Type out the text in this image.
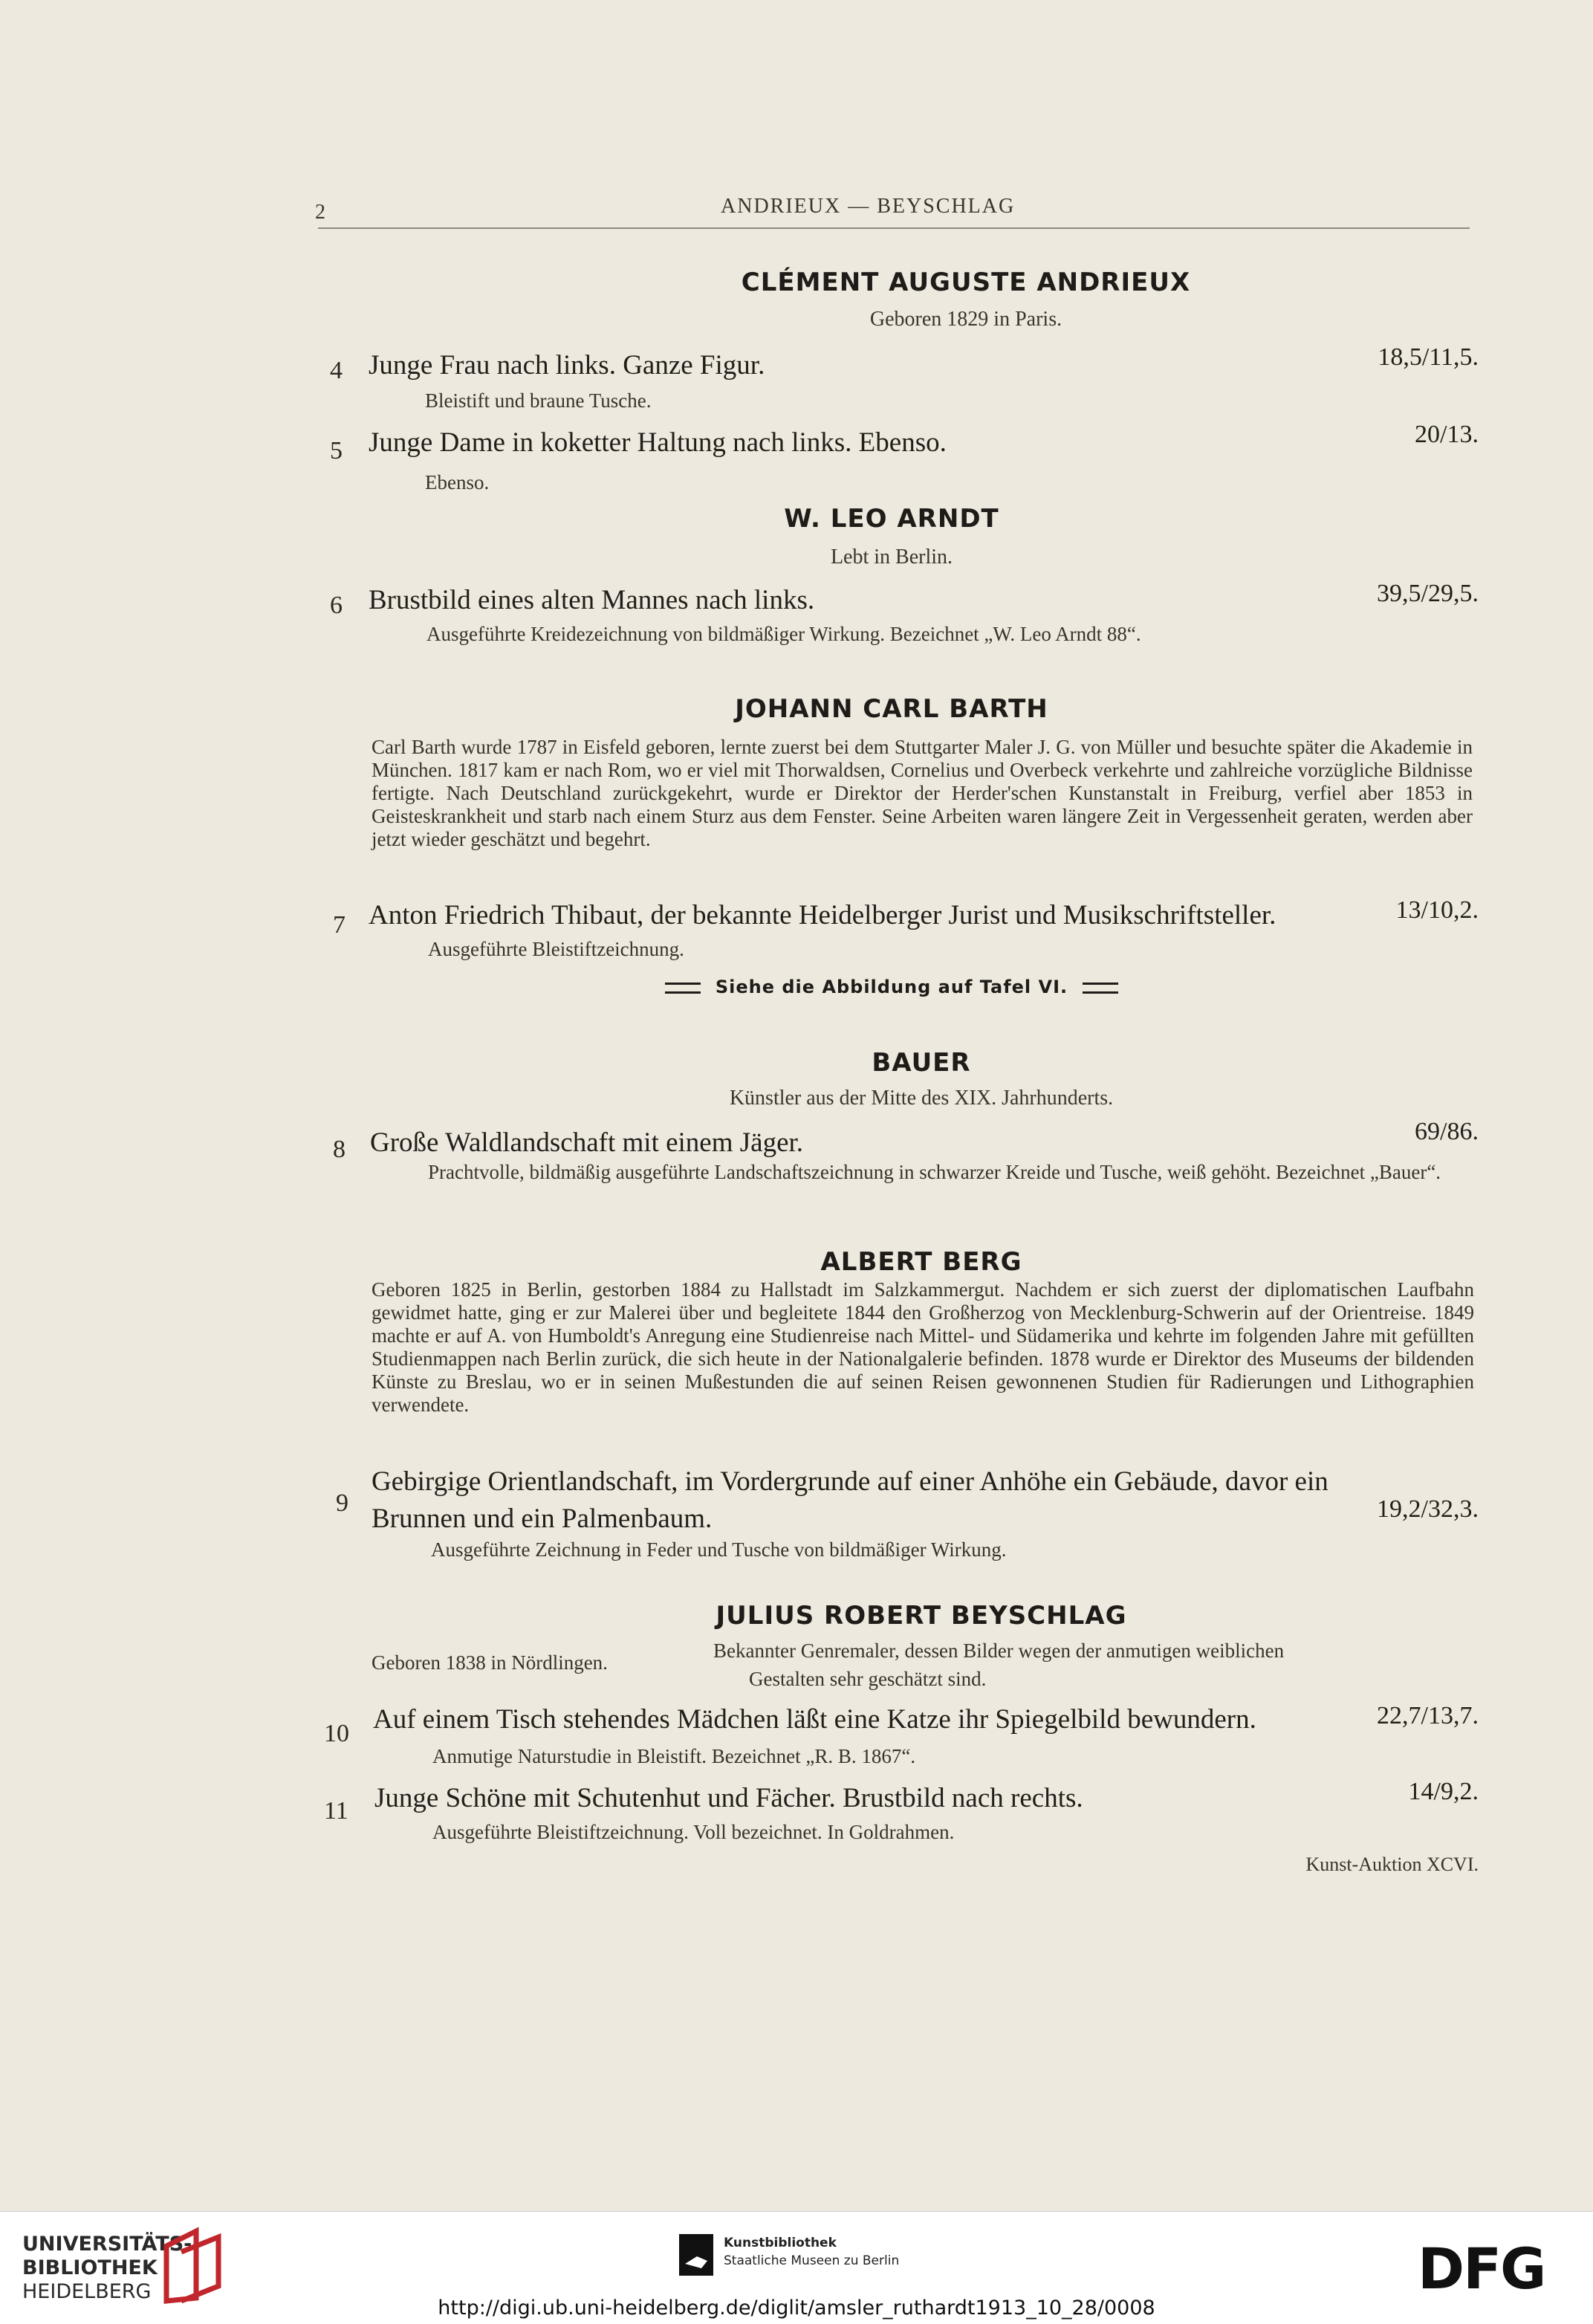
2	ANDRIEUX — BEYSCHLAG
CLÉMENT AUGUSTE ANDRIEUX
Geboren 1829 in Paris.
4 Junge Frau nach links. Ganze Figur.	18,5/11,5.
Bleistift und braune Tusche.
5 Junge Dame in koketter Haltung nach links. Ebenso.	20/13.
Ebenso.
W. LEO ARNDT
Lebt in Berlin.
6 Brustbild eines alten Mannes nach links.	39,5/29,5.
Ausgeführte Kreidezeichnung von bildmäßiger Wirkung. Bezeichnet „W. Leo Arndt 88“.
JOHANN CARL BARTH
Carl Barth wurde 1787 in Eisfeld geboren, lernte zuerst bei dem Stuttgarter Maler J. G. von Müller und besuchte später die Akademie in München. 1817 kam er nach Rom, wo er viel mit Thorwaldsen, Cornelius und Overbeck verkehrte und zahlreiche vorzügliche Bildnisse fertigte. Nach Deutschland zurückgekehrt, wurde er Direktor der Herder'schen Kunstanstalt in Freiburg, verfiel aber 1853 in Geisteskrankheit und starb nach einem Sturz aus dem Fenster. Seine Arbeiten waren längere Zeit in Vergessenheit geraten, werden aber jetzt wieder geschätzt und begehrt.
7 Anton Friedrich Thibaut, der bekannte Heidelberger Jurist und Musikschriftsteller.	13/10,2.
Ausgeführte Bleistiftzeichnung.
Siehe die Abbildung auf Tafel VI.
BAUER
Künstler aus der Mitte des XIX. Jahrhunderts.
8 Große Waldlandschaft mit einem Jäger.	69/86.
Prachtvolle, bildmäßig ausgeführte Landschaftszeichnung in schwarzer Kreide und Tusche, weiß gehöht. Bezeichnet „Bauer“.
ALBERT BERG
Geboren 1825 in Berlin, gestorben 1884 zu Hallstadt im Salzkammergut. Nachdem er sich zuerst der diplomatischen Laufbahn gewidmet hatte, ging er zur Malerei über und begleitete 1844 den Großherzog von Mecklenburg-Schwerin auf der Orientreise. 1849 machte er auf A. von Humboldt's Anregung eine Studienreise nach Mittel- und Südamerika und kehrte im folgenden Jahre mit gefüllten Studienmappen nach Berlin zurück, die sich heute in der Nationalgalerie befinden. 1878 wurde er Direktor des Museums der bildenden Künste zu Breslau, wo er in seinen Mußestunden die auf seinen Reisen gewonnenen Studien für Radierungen und Lithographien verwendete.
9
Gebirgige Orientlandschaft, im Vordergrunde auf einer Anhöhe ein Gebäude, davor ein
Brunnen und ein Palmenbaum.	19,2/32,3.
Ausgeführte Zeichnung in Feder und Tusche von bildmäßiger Wirkung.
JULIUS ROBERT BEYSCHLAG
Geboren 1838 in Nördlingen.
Bekannter Genremaler, dessen Bilder wegen der anmutigen weiblichen
Gestalten sehr geschätzt sind.
10 Auf einem Tisch stehendes Mädchen läßt eine Katze ihr Spiegelbild bewundern.	22,7/13,7.
Anmutige Naturstudie in Bleistift. Bezeichnet „R. B. 1867“.
11 Junge Schöne mit Schutenhut und Fächer. Brustbild nach rechts.	14/9,2.
Ausgeführte Bleistiftzeichnung. Voll bezeichnet. In Goldrahmen.
Kunst-Auktion XCVI.
UNIVERSITÄTS-
BIBLIOTHEK
HEIDELBERG
Kunstbibliothek
Staatliche Museen zu Berlin	DFG
http://digi.ub.uni-heidelberg.de/diglit/amsler_ruthardt1913_10_28/0008
